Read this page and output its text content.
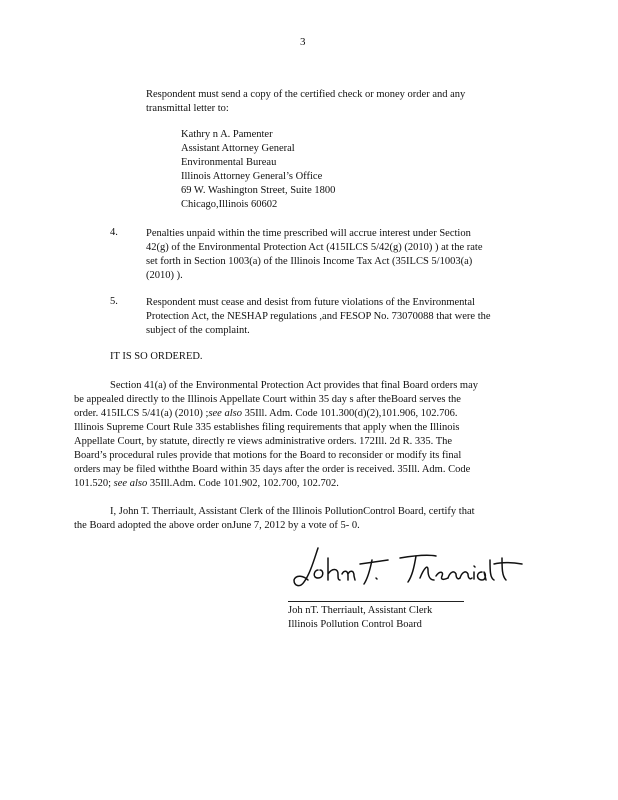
3
Respondent must send a copy of the certified check or money order and any
transmittal letter to:
Kathry n A. Pamenter
Assistant Attorney General
Environmental Bureau
Illinois Attorney General’s Office
69 W. Washington Street, Suite 1800
Chicago,Illinois 60602
4.	Penalties unpaid within the time prescribed will accrue interest under Section
42(g) of the Environmental Protection Act (415ILCS 5/42(g) (2010) ) at the rate
set forth in Section 1003(a) of the Illinois Income Tax Act (35ILCS 5/1003(a)
(2010) ).
5.	Respondent must cease and desist from future violations of the Environmental
Protection Act, the NESHAP regulations ,and FESOP No. 73070088 that were the
subject of the complaint.
IT IS SO ORDERED.
Section 41(a) of the Environmental Protection Act provides that final Board orders may
be appealed directly to the Illinois Appellate Court within 35 day s after theBoard serves the
order. 415ILCS 5/41(a) (2010) ;see also 35Ill. Adm. Code 101.300(d)(2),101.906, 102.706.
Illinois Supreme Court Rule 335 establishes filing requirements that apply when the Illinois
Appellate Court, by statute, directly re views administrative orders. 172Ill. 2d R. 335. The
Board’s procedural rules provide that motions for the Board to reconsider or modify its final
orders may be filed withthe Board within 35 days after the order is received. 35Ill. Adm. Code
101.520; see also 35Ill.Adm. Code 101.902, 102.700, 102.702.
I, John T. Therriault, Assistant Clerk of the Illinois PollutionControl Board, certify that
the Board adopted the above order onJune 7, 2012 by a vote of 5- 0.
Joh nT. Therriault, Assistant Clerk
Illinois Pollution Control Board
